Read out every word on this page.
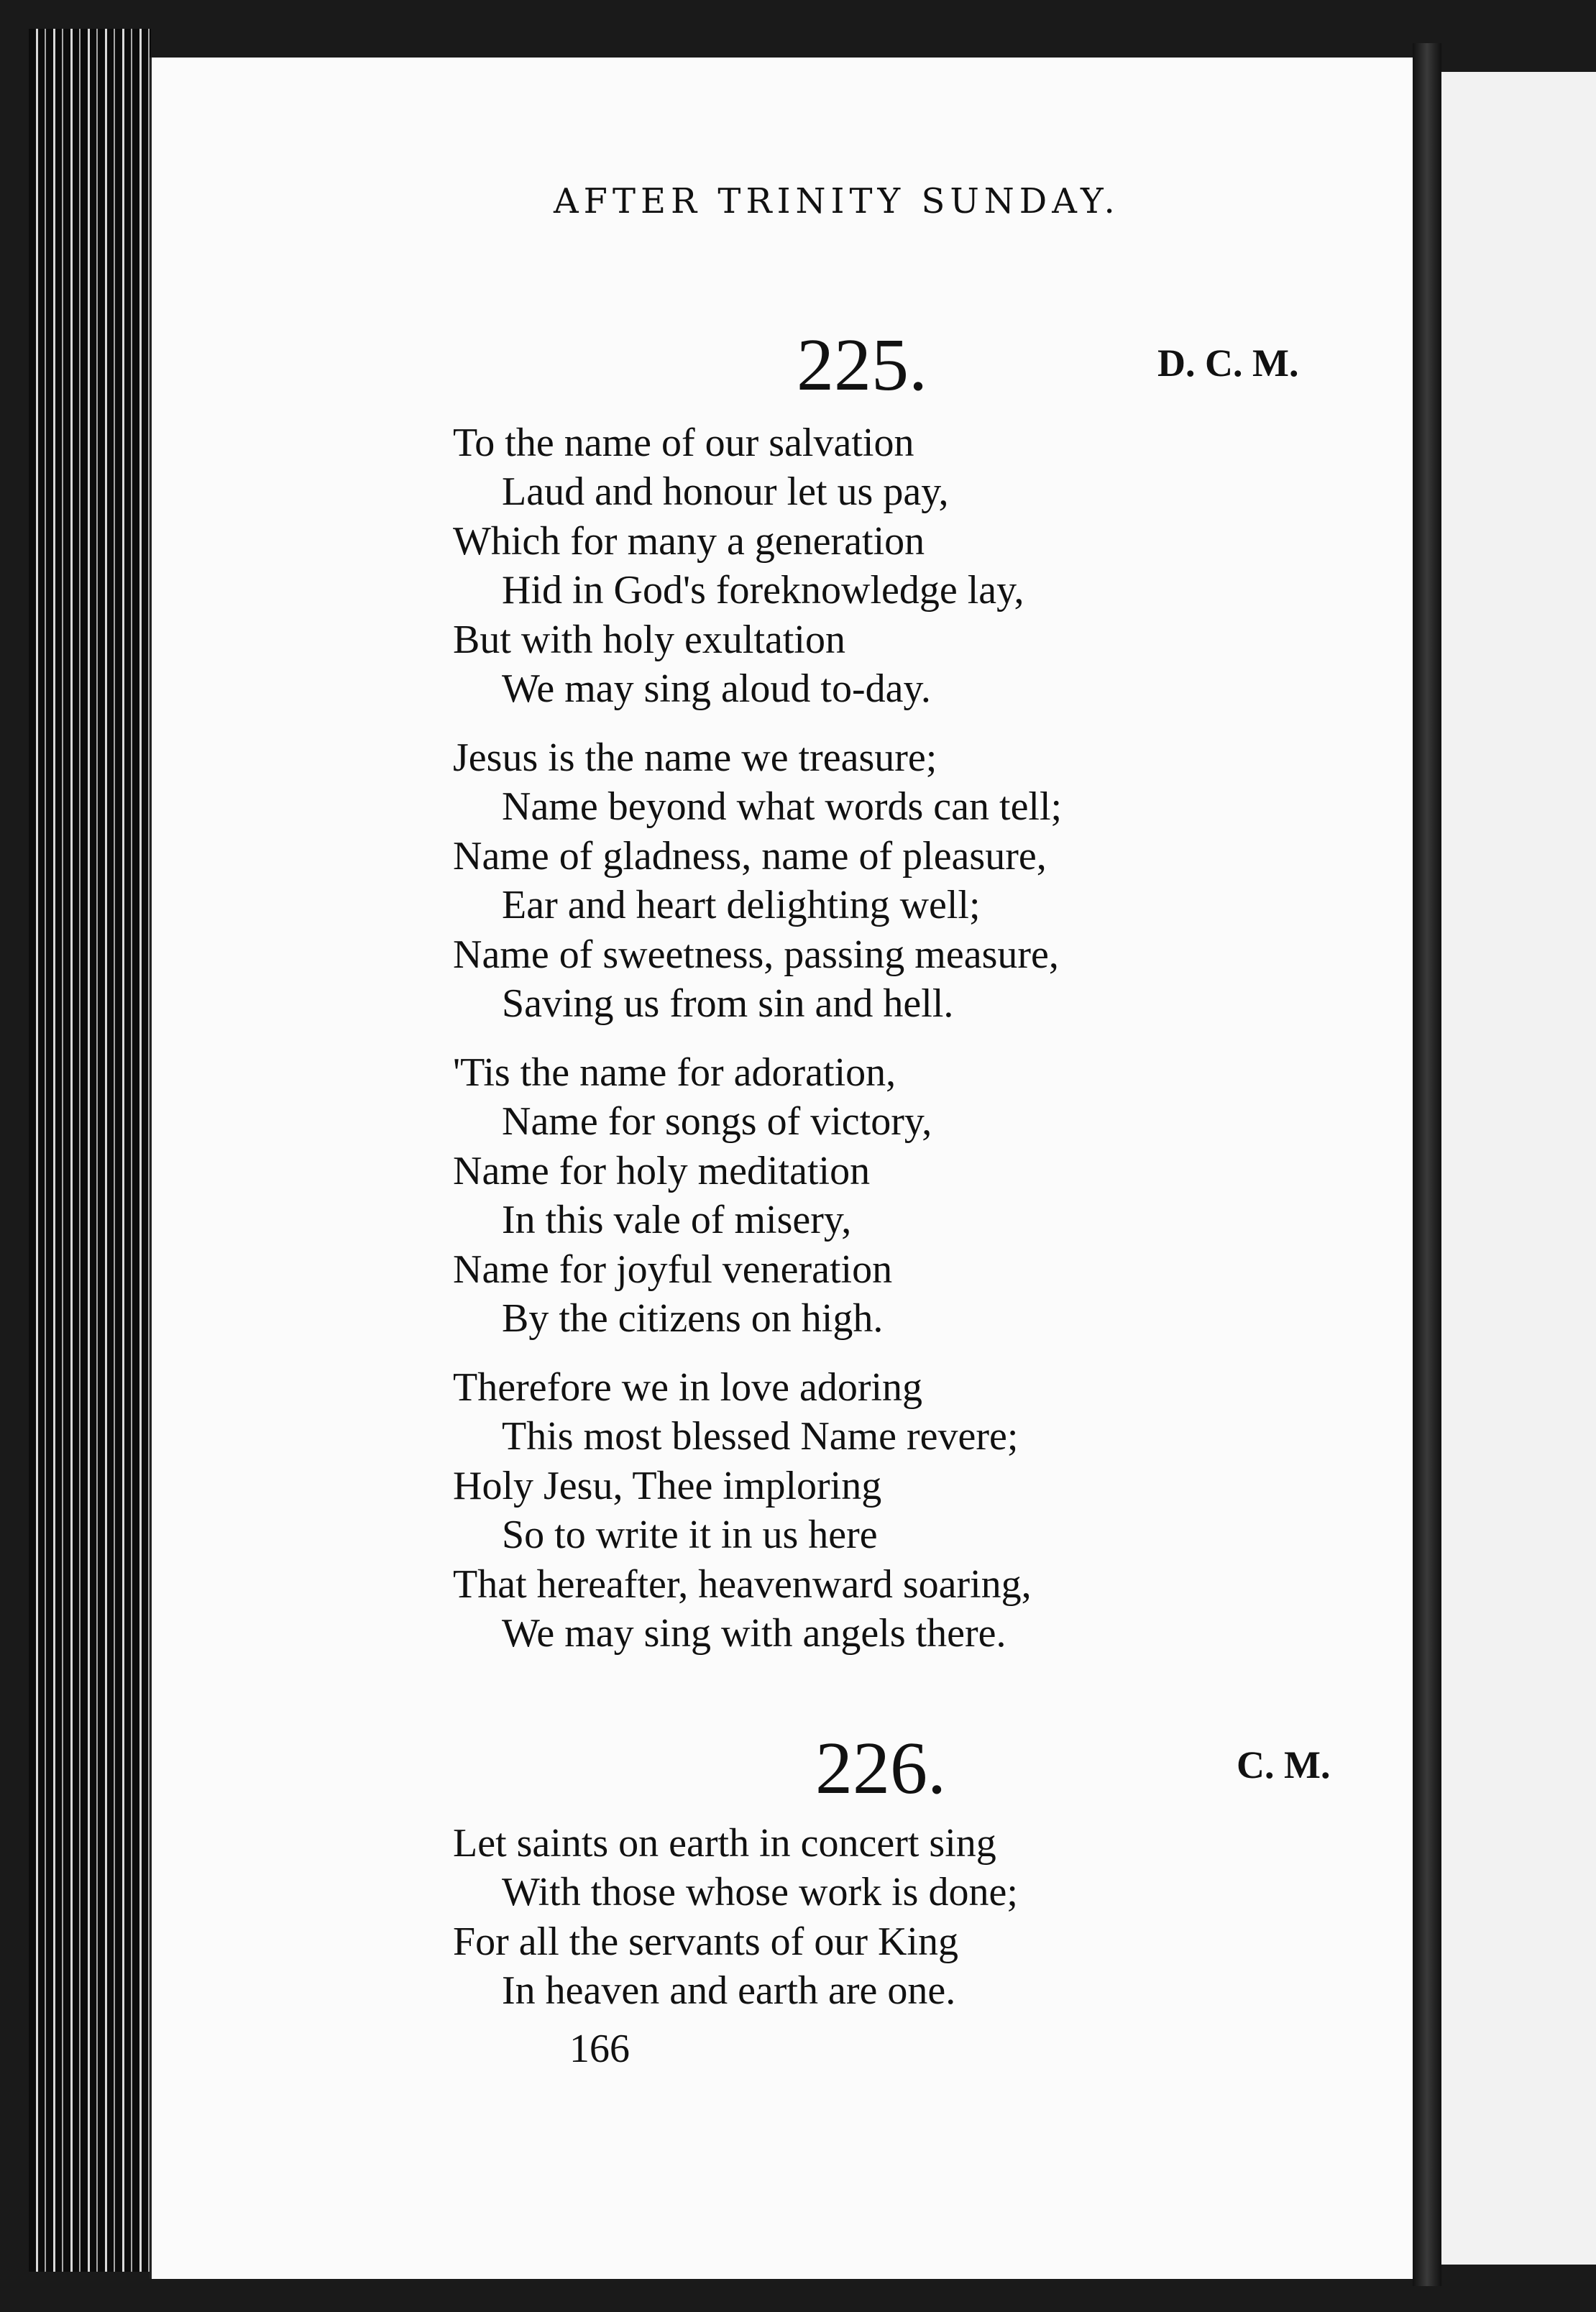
AFTER TRINITY SUNDAY.
225.	D. C. M.
To the name of our salvation
Laud and honour let us pay,
Which for many a generation
Hid in God's foreknowledge lay,
But with holy exultation
We may sing aloud to-day.
Jesus is the name we treasure;
Name beyond what words can tell;
Name of gladness, name of pleasure,
Ear and heart delighting well;
Name of sweetness, passing measure,
Saving us from sin and hell.
'Tis the name for adoration,
Name for songs of victory,
Name for holy meditation
In this vale of misery,
Name for joyful veneration
By the citizens on high.
Therefore we in love adoring
This most blessed Name revere;
Holy Jesu, Thee imploring
So to write it in us here
That hereafter, heavenward soaring,
We may sing with angels there.
226.	C. M.
Let saints on earth in concert sing
With those whose work is done;
For all the servants of our King
In heaven and earth are one.
166
